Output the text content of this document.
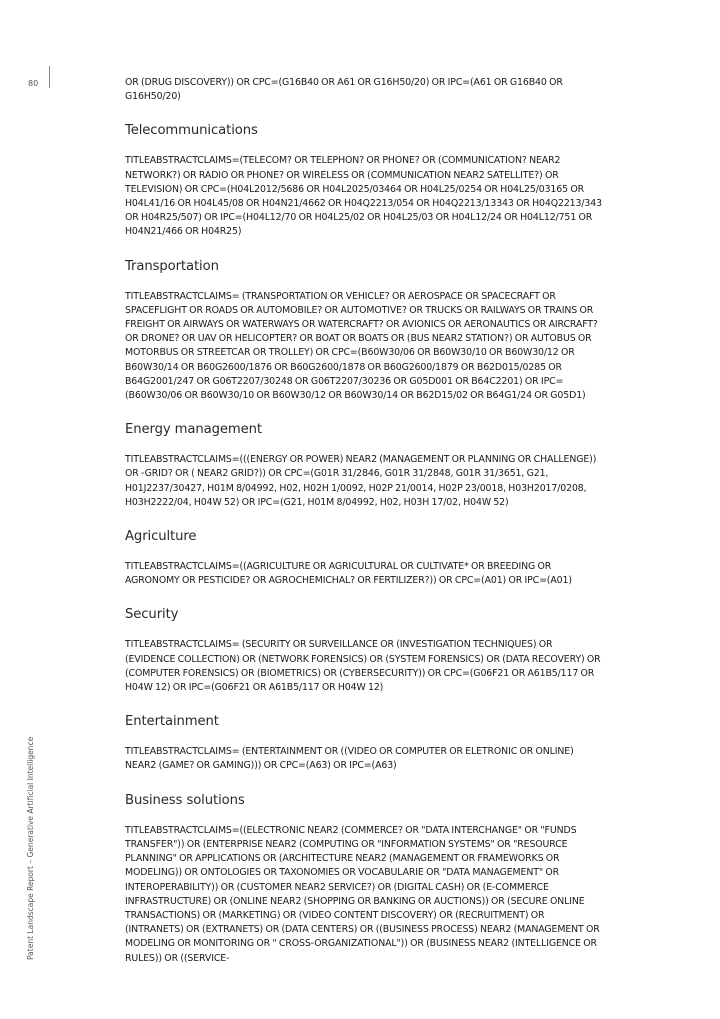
80
Patent Landscape Report – Generative Artificial Intelligence

OR (DRUG DISCOVERY)) OR CPC=(G16B40 OR A61 OR G16H50/20) OR IPC=(A61 OR G16B40 OR G16H50/20)

Telecommunications

TITLEABSTRACTCLAIMS=(TELECOM? OR TELEPHON? OR PHONE? OR (COMMUNICATION? NEAR2 NETWORK?) OR RADIO OR PHONE? OR WIRELESS OR (COMMUNICATION NEAR2 SATELLITE?) OR TELEVISION) OR CPC=(H04L2012/5686 OR H04L2025/03464 OR H04L25/0254 OR H04L25/03165 OR H04L41/16 OR H04L45/08 OR H04N21/4662 OR H04Q2213/054 OR H04Q2213/13343 OR H04Q2213/343 OR H04R25/507) OR IPC=(H04L12/70 OR H04L25/02 OR H04L25/03 OR H04L12/24 OR H04L12/751 OR H04N21/466 OR H04R25)

Transportation

TITLEABSTRACTCLAIMS= (TRANSPORTATION OR VEHICLE? OR AEROSPACE OR SPACECRAFT OR SPACEFLIGHT OR ROADS OR AUTOMOBILE? OR AUTOMOTIVE? OR TRUCKS OR RAILWAYS OR TRAINS OR FREIGHT OR AIRWAYS OR WATERWAYS OR WATERCRAFT? OR AVIONICS OR AERONAUTICS OR AIRCRAFT? OR DRONE? OR UAV OR HELICOPTER? OR BOAT OR BOATS OR (BUS NEAR2 STATION?) OR AUTOBUS OR MOTORBUS OR STREETCAR OR TROLLEY) OR CPC=(B60W30/06 OR B60W30/10 OR B60W30/12 OR B60W30/14 OR B60G2600/1876 OR B60G2600/1878 OR B60G2600/1879 OR B62D015/0285 OR B64G2001/247 OR G06T2207/30248 OR G06T2207/30236 OR G05D001 OR B64C2201) OR IPC=(B60W30/06 OR B60W30/10 OR B60W30/12 OR B60W30/14 OR B62D15/02 OR B64G1/24 OR G05D1)

Energy management

TITLEABSTRACTCLAIMS=(((ENERGY OR POWER) NEAR2 (MANAGEMENT OR PLANNING OR CHALLENGE)) OR -GRID? OR ( NEAR2 GRID?)) OR CPC=(G01R 31/2846, G01R 31/2848, G01R 31/3651, G21, H01J2237/30427, H01M 8/04992, H02, H02H 1/0092, H02P 21/0014, H02P 23/0018, H03H2017/0208, H03H2222/04, H04W 52) OR IPC=(G21, H01M 8/04992, H02, H03H 17/02, H04W 52)

Agriculture

TITLEABSTRACTCLAIMS=((AGRICULTURE OR AGRICULTURAL OR CULTIVATE* OR BREEDING OR AGRONOMY OR PESTICIDE? OR AGROCHEMICHAL? OR FERTILIZER?)) OR CPC=(A01) OR IPC=(A01)

Security

TITLEABSTRACTCLAIMS= (SECURITY OR SURVEILLANCE OR (INVESTIGATION TECHNIQUES) OR (EVIDENCE COLLECTION) OR (NETWORK FORENSICS) OR (SYSTEM FORENSICS) OR (DATA RECOVERY) OR (COMPUTER FORENSICS) OR (BIOMETRICS) OR (CYBERSECURITY)) OR CPC=(G06F21 OR A61B5/117 OR H04W 12) OR IPC=(G06F21 OR A61B5/117 OR H04W 12)

Entertainment

TITLEABSTRACTCLAIMS= (ENTERTAINMENT OR ((VIDEO OR COMPUTER OR ELETRONIC OR ONLINE) NEAR2 (GAME? OR GAMING))) OR CPC=(A63) OR IPC=(A63)

Business solutions

TITLEABSTRACTCLAIMS=((ELECTRONIC NEAR2 (COMMERCE? OR "DATA INTERCHANGE" OR "FUNDS TRANSFER")) OR (ENTERPRISE NEAR2 (COMPUTING OR "INFORMATION SYSTEMS" OR "RESOURCE PLANNING" OR APPLICATIONS OR (ARCHITECTURE NEAR2 (MANAGEMENT OR FRAMEWORKS OR MODELING)) OR ONTOLOGIES OR TAXONOMIES OR VOCABULARIE OR "DATA MANAGEMENT" OR INTEROPERABILITY)) OR (CUSTOMER NEAR2 SERVICE?) OR (DIGITAL CASH) OR (E-COMMERCE INFRASTRUCTURE) OR (ONLINE NEAR2 (SHOPPING OR BANKING OR AUCTIONS)) OR (SECURE ONLINE TRANSACTIONS) OR (MARKETING) OR (VIDEO CONTENT DISCOVERY) OR (RECRUITMENT) OR (INTRANETS) OR (EXTRANETS) OR (DATA CENTERS) OR ((BUSINESS PROCESS) NEAR2 (MANAGEMENT OR MODELING OR MONITORING OR " CROSS-ORGANIZATIONAL")) OR (BUSINESS NEAR2 (INTELLIGENCE OR RULES)) OR ((SERVICE-
